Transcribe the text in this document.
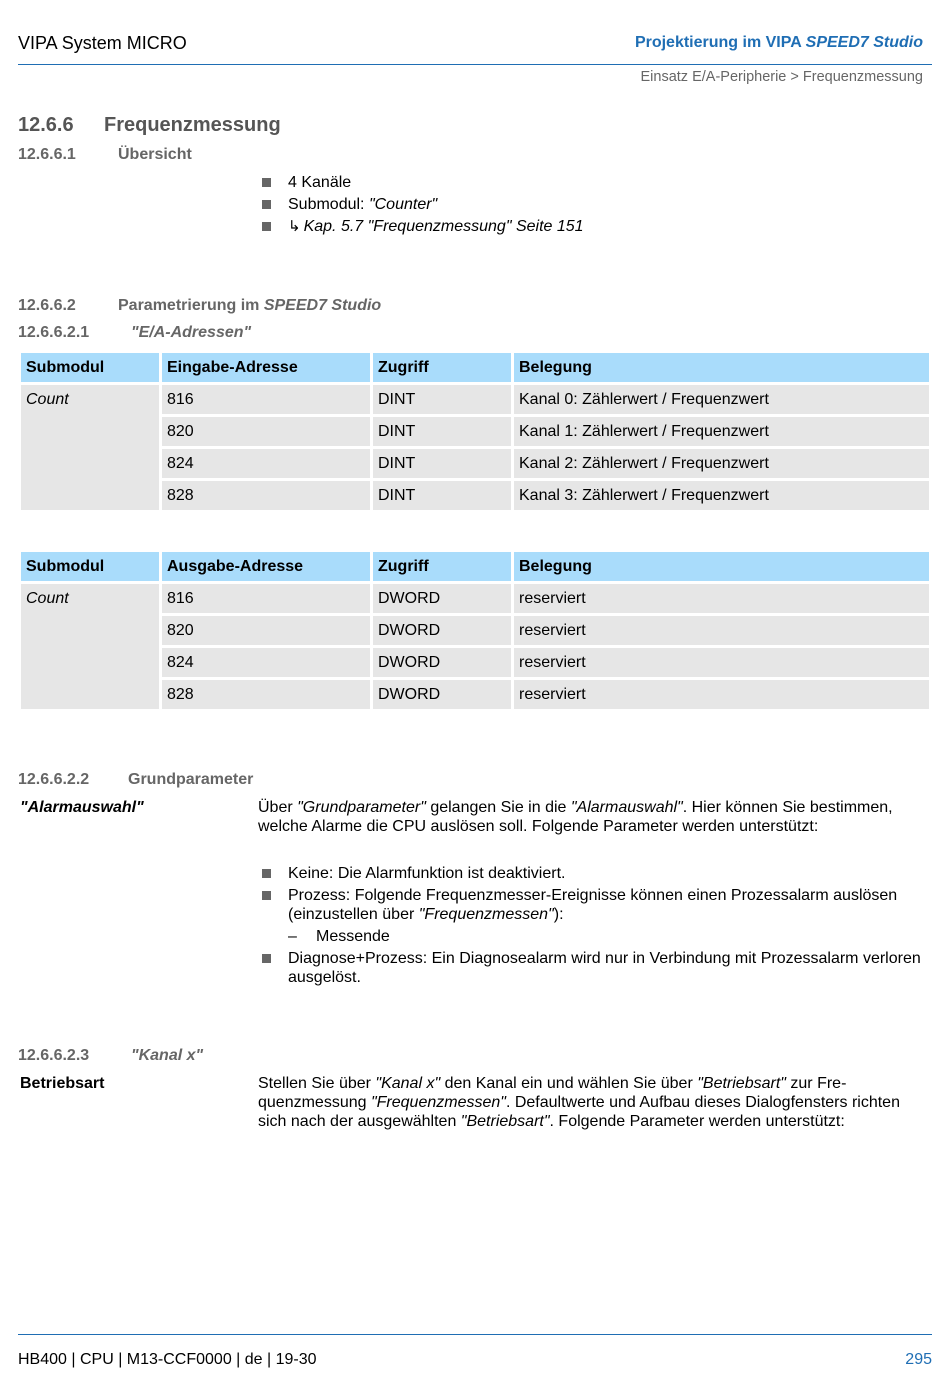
VIPA System MICRO	Projektierung im VIPA SPEED7 Studio
Einsatz E/A-Peripherie > Frequenzmessung
12.6.6 Frequenzmessung
12.6.6.1	Übersicht
4 Kanäle
Submodul: "Counter"
↳ Kap. 5.7 "Frequenzmessung" Seite 151
12.6.6.2	Parametrierung im SPEED7 Studio
12.6.6.2.1	"E/A-Adressen"
Submodul	Eingabe-Adresse	Zugriff	Belegung
Count	816	DINT	Kanal 0: Zählerwert / Frequenzwert
	820	DINT	Kanal 1: Zählerwert / Frequenzwert
	824	DINT	Kanal 2: Zählerwert / Frequenzwert
	828	DINT	Kanal 3: Zählerwert / Frequenzwert
Submodul	Ausgabe-Adresse	Zugriff	Belegung
Count	816	DWORD	reserviert
	820	DWORD	reserviert
	824	DWORD	reserviert
	828	DWORD	reserviert
12.6.6.2.2 Grundparameter
"Alarmauswahl"	Über "Grundparameter" gelangen Sie in die "Alarmauswahl". Hier können Sie bestimmen, welche Alarme die CPU auslösen soll. Folgende Parameter werden unterstützt:
Keine: Die Alarmfunktion ist deaktiviert.
Prozess: Folgende Frequenzmesser-Ereignisse können einen Prozessalarm auslösen (einzustellen über "Frequenzmessen"):
– Messende
Diagnose+Prozess: Ein Diagnosealarm wird nur in Verbindung mit Prozessalarm verloren ausgelöst.
12.6.6.2.3	"Kanal x"
Betriebsart	Stellen Sie über "Kanal x" den Kanal ein und wählen Sie über "Betriebsart" zur Frequenzmessung "Frequenzmessen". Defaultwerte und Aufbau dieses Dialogfensters richten sich nach der ausgewählten "Betriebsart". Folgende Parameter werden unterstützt:
HB400 | CPU | M13-CCF0000 | de | 19-30	295
